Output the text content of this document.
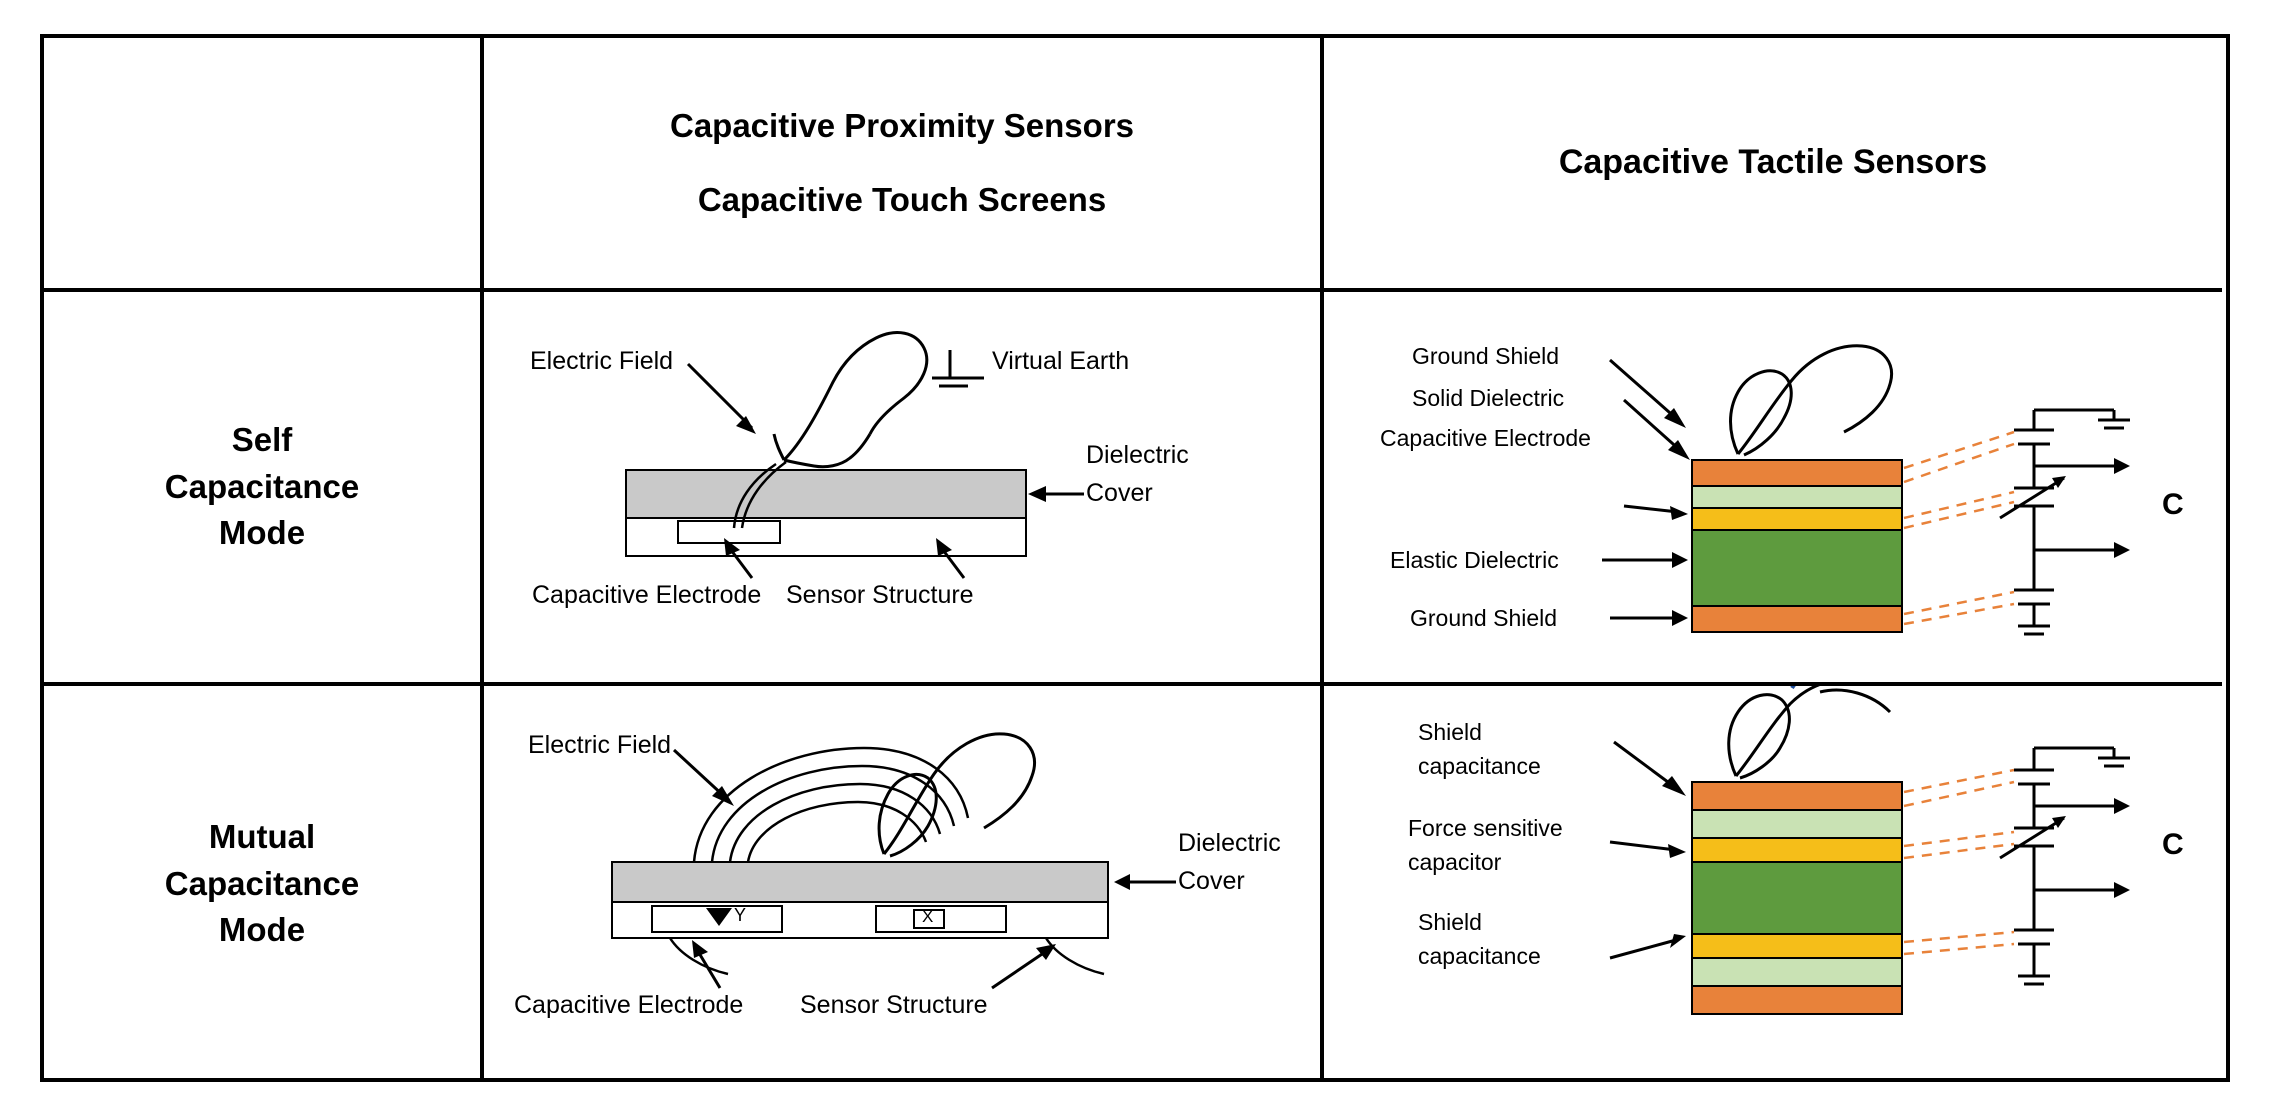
Capacitive Proximity Sensors
Capacitive Touch Screens
Capacitive Tactile Sensors
Self
Capacitance
Mode
Electric Field	Virtual Earth
Dielectric
Cover
Capacitive Electrode Sensor Structure
Ground Shield
Solid Dielectric
Capacitive Electrode
Elastic Dielectric
Ground Shield
C
Mutual
Capacitance
Mode
Electric Field
Dielectric
Cover
Capacitive Electrode Sensor Structure
Y	X
Shield
capacitance
Force sensitive
capacitor
Shield
capacitance
C
